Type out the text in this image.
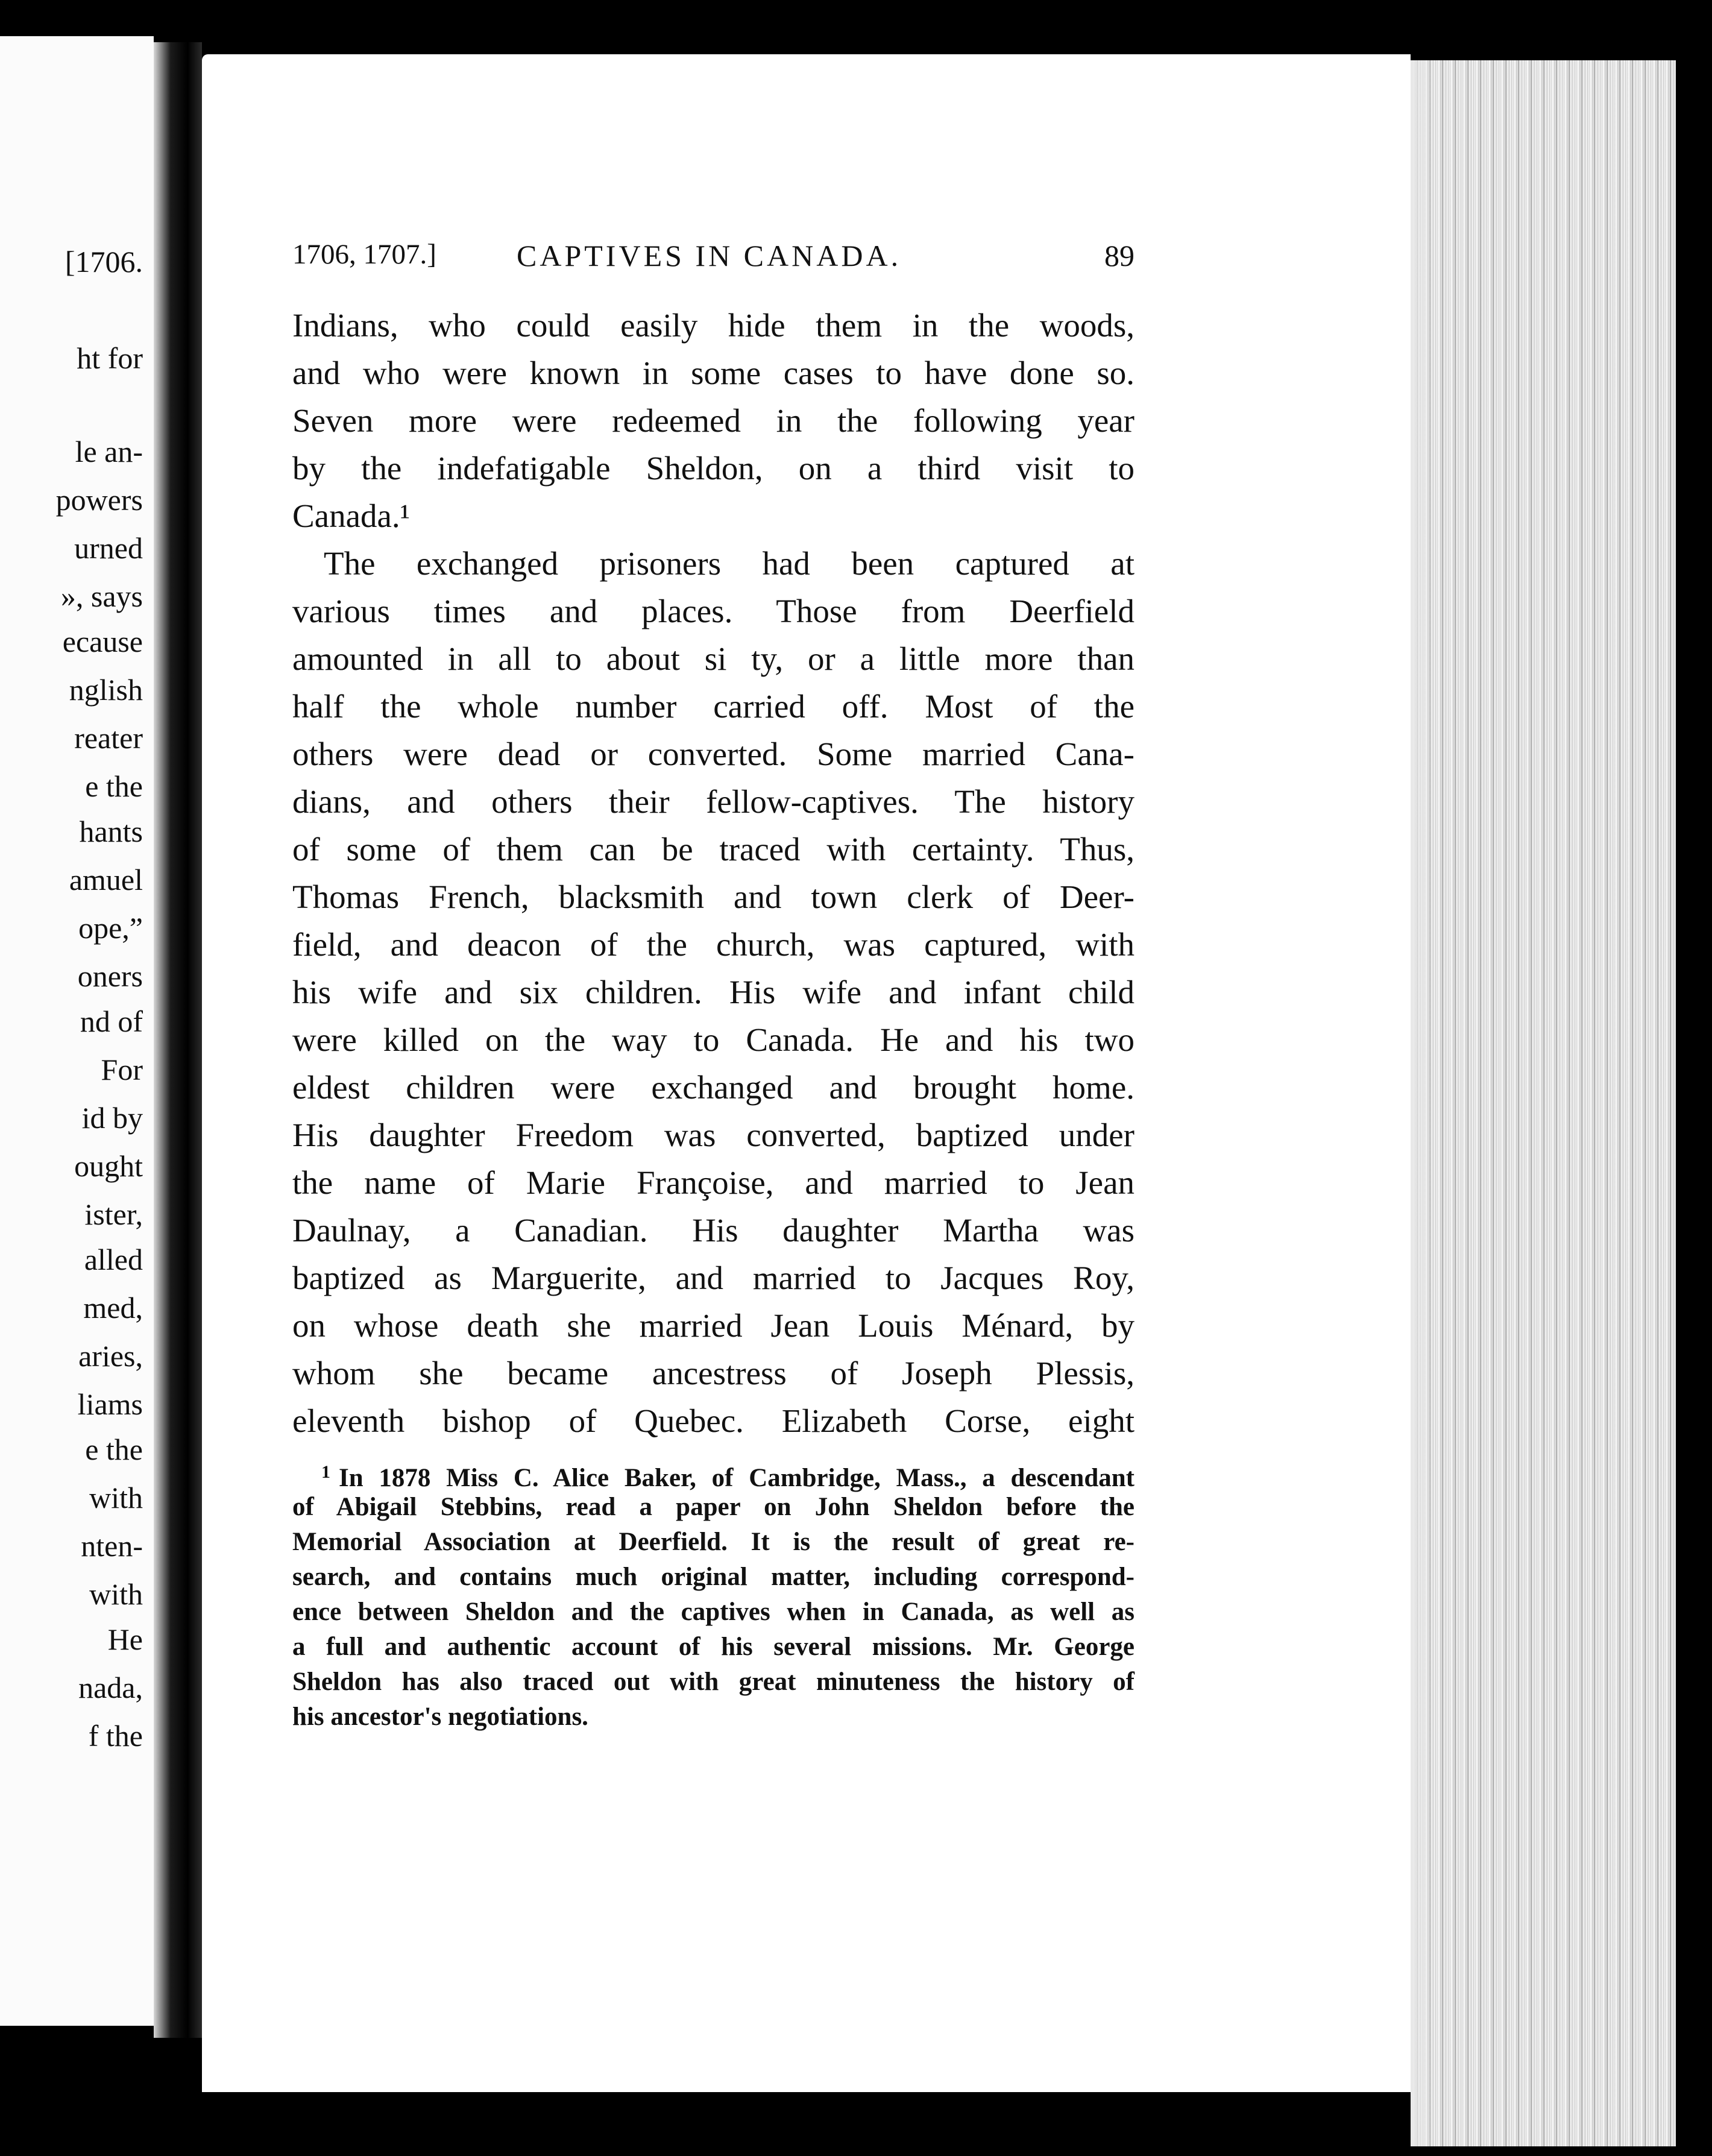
[1706.
ht for
le an-
powers
urned
», says
ecause
nglish
reater
e the
hants
amuel
ope,”
oners
nd of
For
id by
ought
ister,
alled
med,
aries,
liams
e the
with
nten-
with
He
nada,
f the
1706, 1707.]	CAPTIVES IN CANADA.	89
Indians, who could easily hide them in the woods,
and who were known in some cases to have done so.
Seven more were redeemed in the following year
by the indefatigable Sheldon, on a third visit to
Canada.¹
The exchanged prisoners had been captured at
various times and places. Those from Deerfield
amounted in all to about si ty, or a little more than
half the whole number carried off. Most of the
others were dead or converted. Some married Cana-
dians, and others their fellow-captives. The history
of some of them can be traced with certainty. Thus,
Thomas French, blacksmith and town clerk of Deer-
field, and deacon of the church, was captured, with
his wife and six children. His wife and infant child
were killed on the way to Canada. He and his two
eldest children were exchanged and brought home.
His daughter Freedom was converted, baptized under
the name of Marie Françoise, and married to Jean
Daulnay, a Canadian. His daughter Martha was
baptized as Marguerite, and married to Jacques Roy,
on whose death she married Jean Louis Ménard, by
whom she became ancestress of Joseph Plessis,
eleventh bishop of Quebec. Elizabeth Corse, eight
$^1$ In 1878 Miss C. Alice Baker, of Cambridge, Mass., a descendant
of Abigail Stebbins, read a paper on John Sheldon before the
Memorial Association at Deerfield. It is the result of great re-
search, and contains much original matter, including correspond-
ence between Sheldon and the captives when in Canada, as well as
a full and authentic account of his several missions. Mr. George
Sheldon has also traced out with great minuteness the history of
his ancestor's negotiations.
